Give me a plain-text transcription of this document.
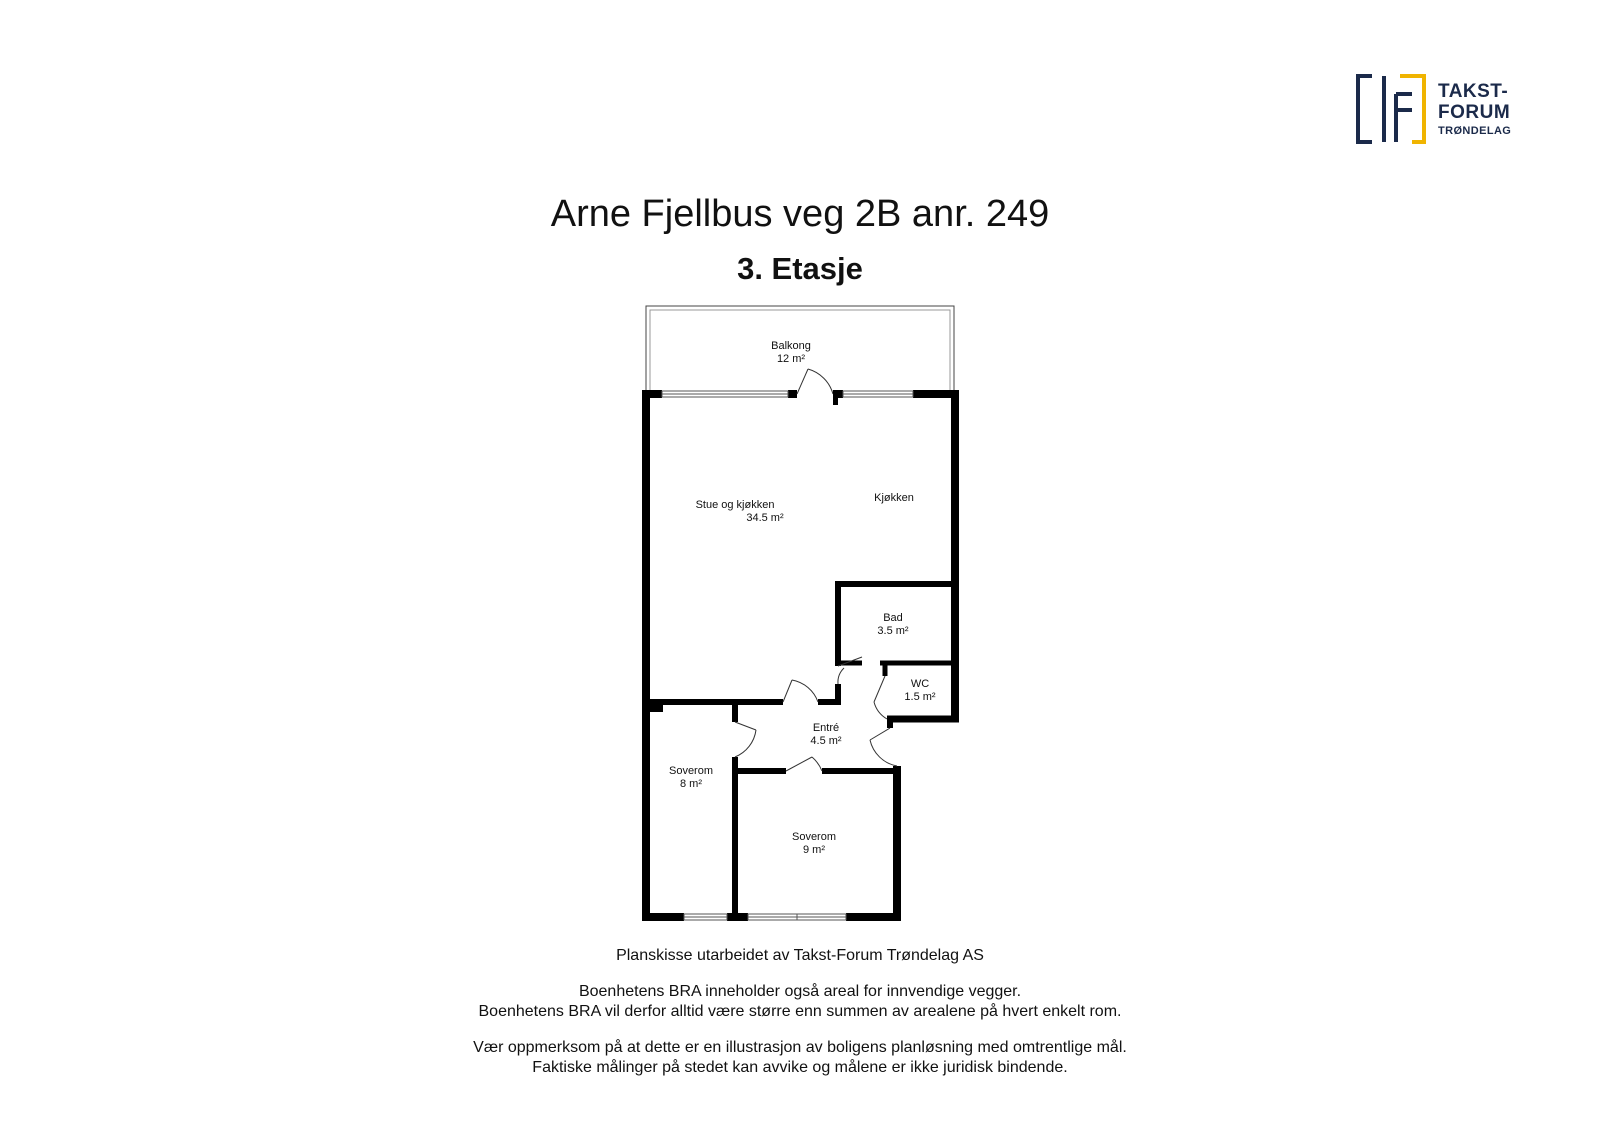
TAKST-
FORUM
TRØNDELAG
Arne Fjellbus veg 2B anr. 249
3. Etasje
Balkong
12 m²
Stue og kjøkken
34.5 m²
Kjøkken
Bad
3.5 m²
WC
1.5 m²
Entré
4.5 m²
Soverom
8 m²
Soverom
9 m²

Planskisse utarbeidet av Takst-Forum Trøndelag AS

Boenhetens BRA inneholder også areal for innvendige vegger.

Boenhetens BRA vil derfor alltid være større enn summen av arealene på hvert enkelt rom.

Vær oppmerksom på at dette er en illustrasjon av boligens planløsning med omtrentlige mål.

Faktiske målinger på stedet kan avvike og målene er ikke juridisk bindende.
